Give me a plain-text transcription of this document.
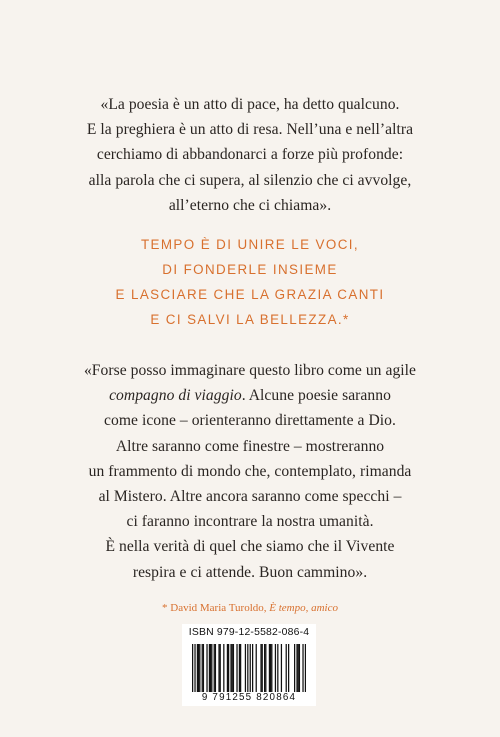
«La poesia è un atto di pace, ha detto qualcuno.
E la preghiera è un atto di resa. Nell’una e nell’altra
cerchiamo di abbandonarci a forze più profonde:
alla parola che ci supera, al silenzio che ci avvolge,
all’eterno che ci chiama».
TEMPO È DI UNIRE LE VOCI,
DI FONDERLE INSIEME
E LASCIARE CHE LA GRAZIA CANTI
E CI SALVI LA BELLEZZA.*
«Forse posso immaginare questo libro come un agile
compagno di viaggio. Alcune poesie saranno
come icone – orienteranno direttamente a Dio.
Altre saranno come finestre – mostreranno
un frammento di mondo che, contemplato, rimanda
al Mistero. Altre ancora saranno come specchi –
ci faranno incontrare la nostra umanità.
È nella verità di quel che siamo che il Vivente
respira e ci attende. Buon cammino».
* David Maria Turoldo, È tempo, amico
ISBN 979-12-5582-086-4
9 791255 820864
